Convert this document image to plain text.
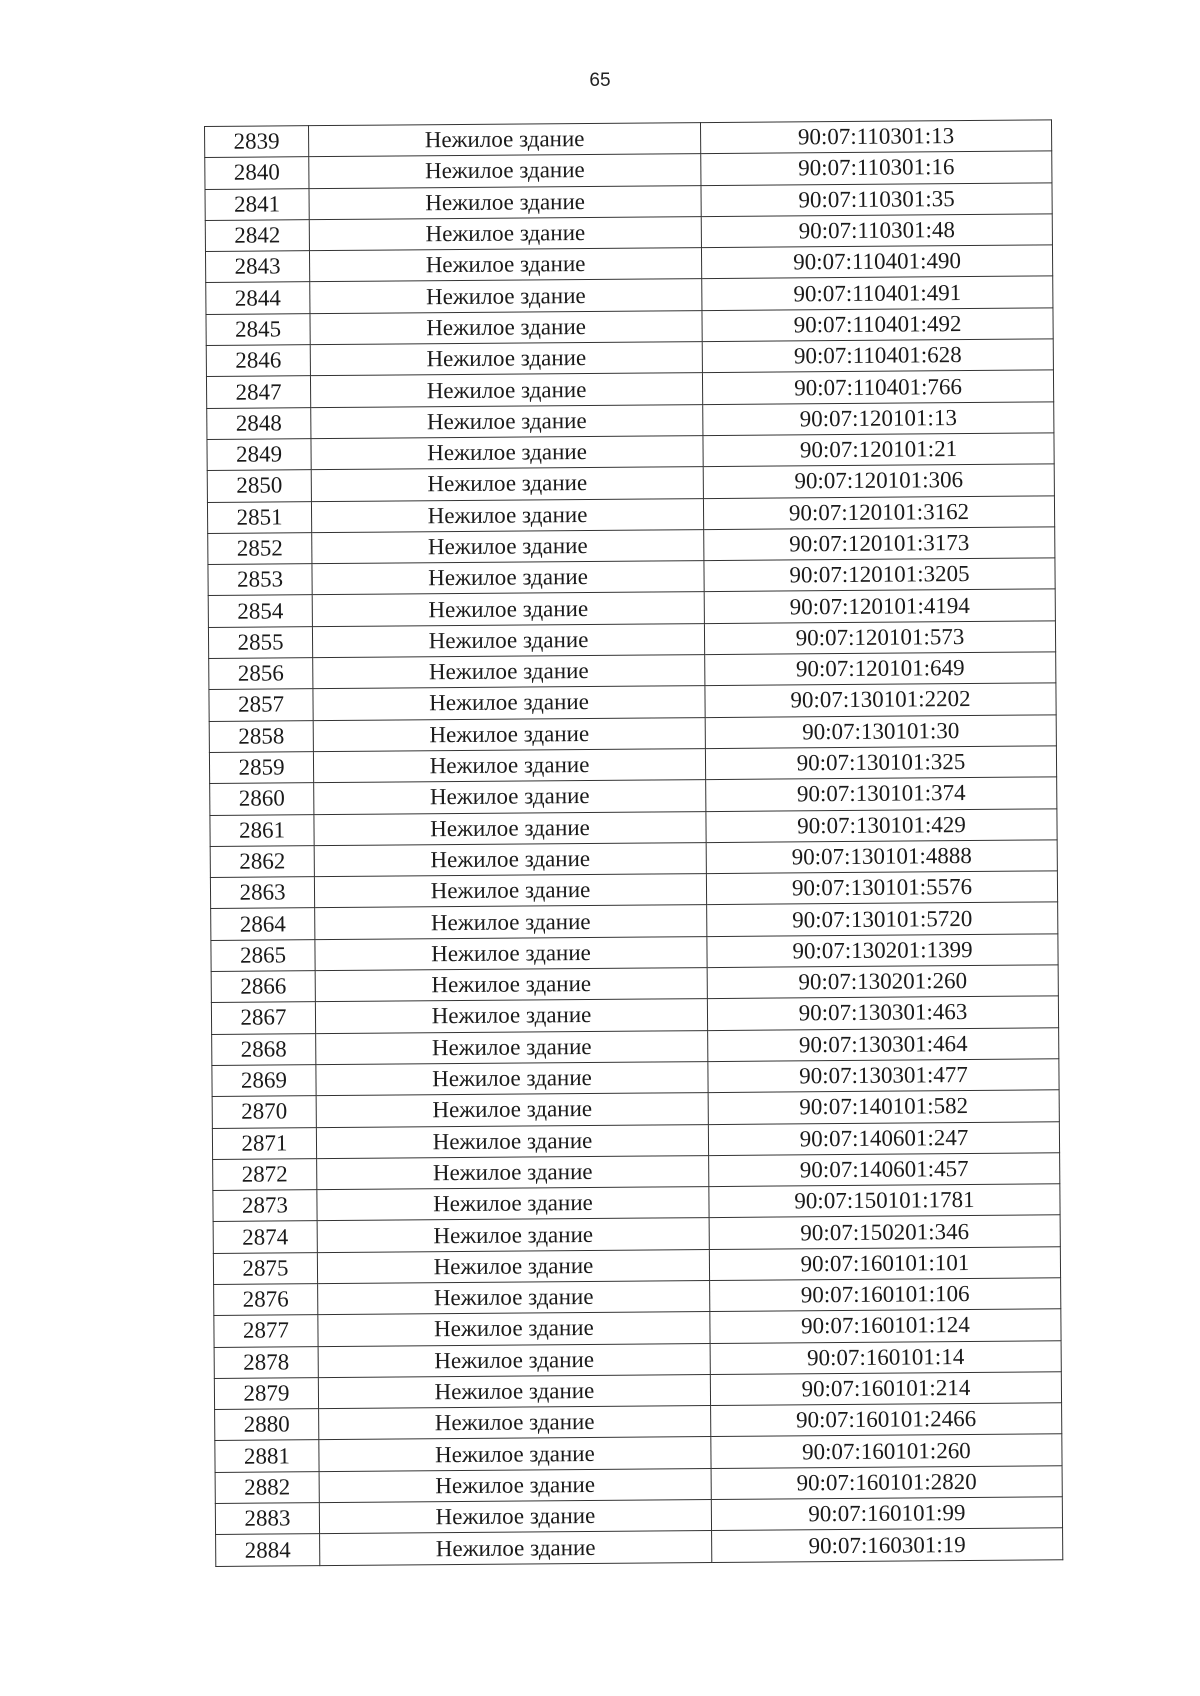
65
2839	Нежилое здание	90:07:110301:13
2840	Нежилое здание	90:07:110301:16
2841	Нежилое здание	90:07:110301:35
2842	Нежилое здание	90:07:110301:48
2843	Нежилое здание	90:07:110401:490
2844	Нежилое здание	90:07:110401:491
2845	Нежилое здание	90:07:110401:492
2846	Нежилое здание	90:07:110401:628
2847	Нежилое здание	90:07:110401:766
2848	Нежилое здание	90:07:120101:13
2849	Нежилое здание	90:07:120101:21
2850	Нежилое здание	90:07:120101:306
2851	Нежилое здание	90:07:120101:3162
2852	Нежилое здание	90:07:120101:3173
2853	Нежилое здание	90:07:120101:3205
2854	Нежилое здание	90:07:120101:4194
2855	Нежилое здание	90:07:120101:573
2856	Нежилое здание	90:07:120101:649
2857	Нежилое здание	90:07:130101:2202
2858	Нежилое здание	90:07:130101:30
2859	Нежилое здание	90:07:130101:325
2860	Нежилое здание	90:07:130101:374
2861	Нежилое здание	90:07:130101:429
2862	Нежилое здание	90:07:130101:4888
2863	Нежилое здание	90:07:130101:5576
2864	Нежилое здание	90:07:130101:5720
2865	Нежилое здание	90:07:130201:1399
2866	Нежилое здание	90:07:130201:260
2867	Нежилое здание	90:07:130301:463
2868	Нежилое здание	90:07:130301:464
2869	Нежилое здание	90:07:130301:477
2870	Нежилое здание	90:07:140101:582
2871	Нежилое здание	90:07:140601:247
2872	Нежилое здание	90:07:140601:457
2873	Нежилое здание	90:07:150101:1781
2874	Нежилое здание	90:07:150201:346
2875	Нежилое здание	90:07:160101:101
2876	Нежилое здание	90:07:160101:106
2877	Нежилое здание	90:07:160101:124
2878	Нежилое здание	90:07:160101:14
2879	Нежилое здание	90:07:160101:214
2880	Нежилое здание	90:07:160101:2466
2881	Нежилое здание	90:07:160101:260
2882	Нежилое здание	90:07:160101:2820
2883	Нежилое здание	90:07:160101:99
2884	Нежилое здание	90:07:160301:19
